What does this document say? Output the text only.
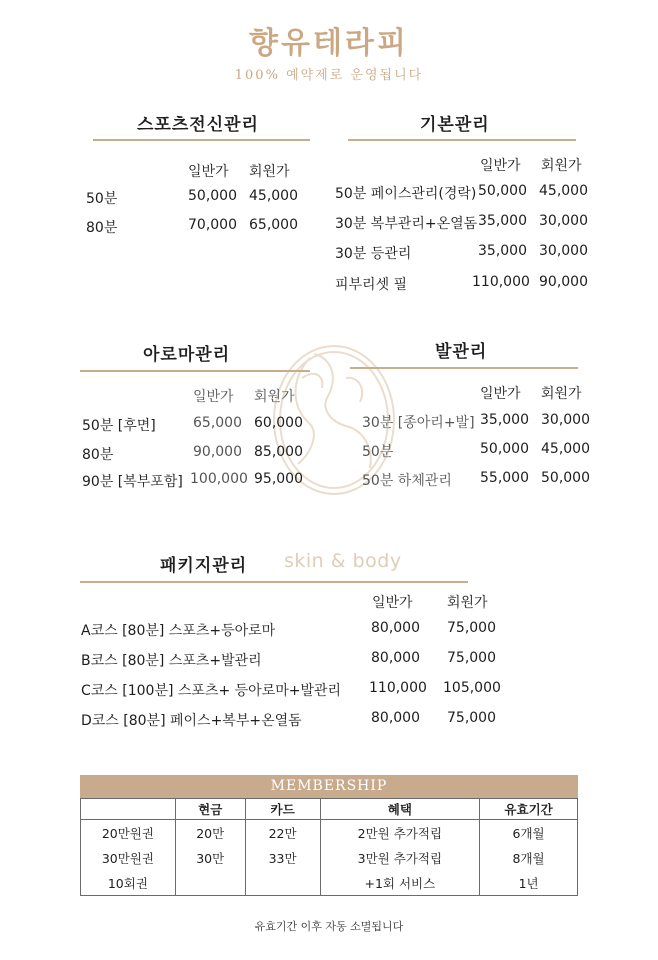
향유테라피
100% 예약제로 운영됩니다
스포츠전신관리
일반가 회원가
50분	50,000 45,000
80분	70,000 65,000
기본관리
일반가 회원가
50분 페이스관리(경락) 50,000 45,000
30분 복부관리+온열돔 35,000 30,000
30분 등관리	35,000 30,000
피부리셋 필	110,000 90,000
아로마관리
일반가 회원가
50분 [후면]	65,000 60,000
80분	90,000 85,000
90분 [복부포함] 100,000 95,000
발관리
일반가 회원가
30분 [종아리+발] 35,000 30,000
50분	50,000 45,000
50분 하체관리 55,000 50,000
패키지관리 skin & body
일반가 회원가
A코스 [80분] 스포츠+등아로마	80,000 75,000
B코스 [80분] 스포츠+발관리	80,000 75,000
C코스 [100분] 스포츠+ 등아로마+발관리 110,000 105,000
D코스 [80분] 페이스+복부+온열돔	80,000 75,000
MEMBERSHIP
	현금	카드	혜택	유효기간
20만원권	20만	22만	2만원 추가적립	6개월
30만원권	30만	33만	3만원 추가적립	8개월
10회권			+1회 서비스	1년
유효기간 이후 자동 소멸됩니다
